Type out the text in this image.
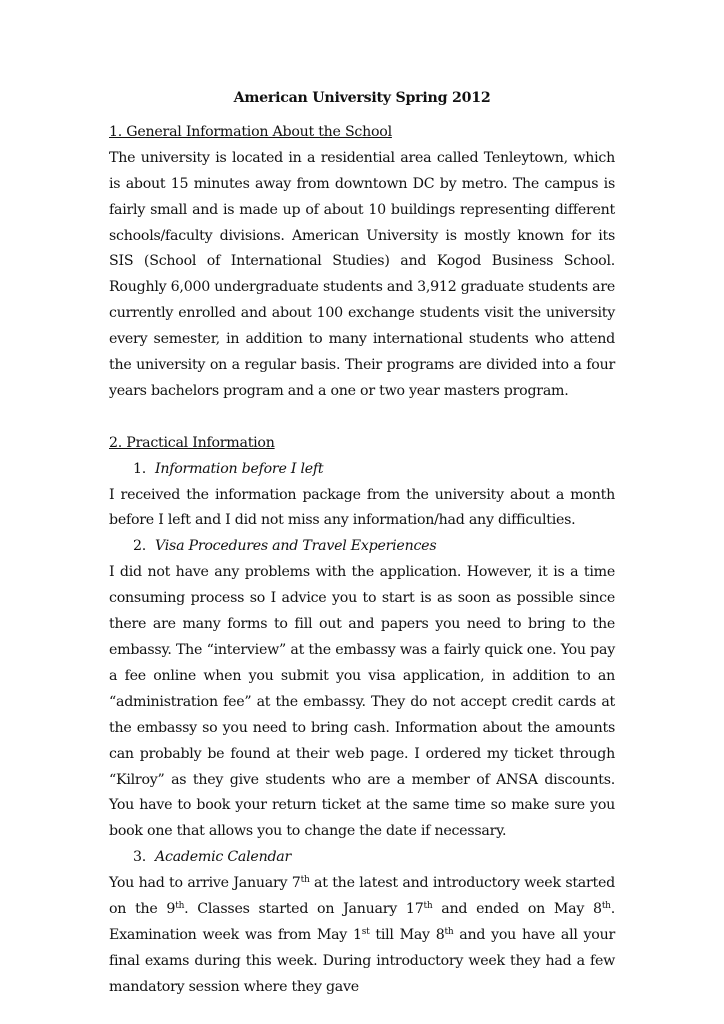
American University Spring 2012

1. General Information About the School

The university is located in a residential area called Tenleytown, which is about 15 minutes away from downtown DC by metro. The campus is fairly small and is made up of about 10 buildings representing different schools/faculty divisions. American University is mostly known for its SIS (School of International Studies) and Kogod Business School. Roughly 6,000 undergraduate students and 3,912 graduate students are currently enrolled and about 100 exchange students visit the university every semester, in addition to many international students who attend the university on a regular basis. Their programs are divided into a four years bachelors program and a one or two year masters program.

2. Practical Information

1. Information before I left

I received the information package from the university about a month before I left and I did not miss any information/had any difficulties.

2. Visa Procedures and Travel Experiences

I did not have any problems with the application. However, it is a time consuming process so I advice you to start is as soon as possible since there are many forms to fill out and papers you need to bring to the embassy. The “interview” at the embassy was a fairly quick one. You pay a fee online when you submit you visa application, in addition to an “administration fee” at the embassy. They do not accept credit cards at the embassy so you need to bring cash. Information about the amounts can probably be found at their web page. I ordered my ticket through “Kilroy” as they give students who are a member of ANSA discounts. You have to book your return ticket at the same time so make sure you book one that allows you to change the date if necessary.

3. Academic Calendar

You had to arrive January 7th at the latest and introductory week started on the 9th. Classes started on January 17th and ended on May 8th. Examination week was from May 1st till May 8th and you have all your final exams during this week. During introductory week they had a few mandatory session where they gave
